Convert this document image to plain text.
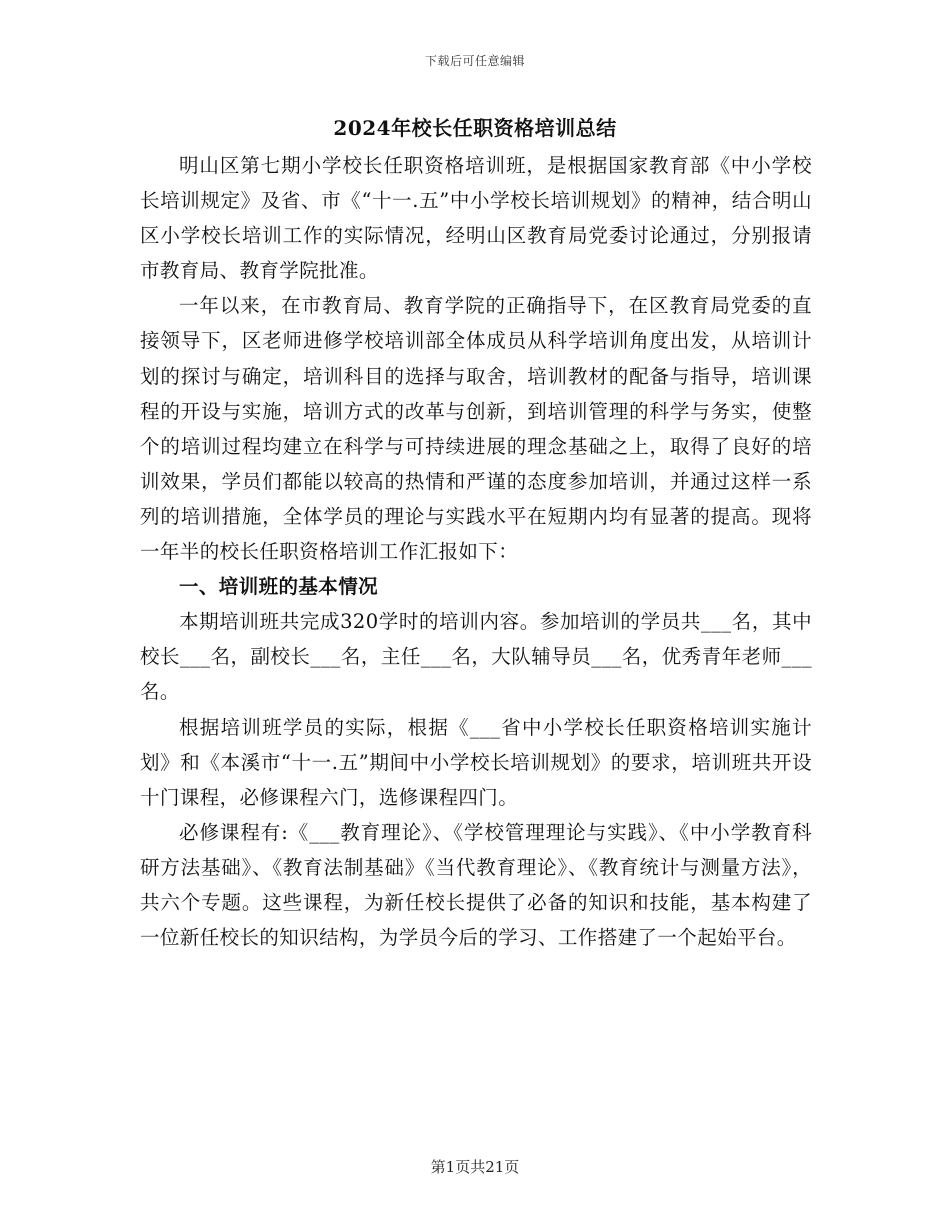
下载后可任意编辑
2024年校长任职资格培训总结

明山区第七期小学校长任职资格培训班，是根据国家教育部《中小学校长培训规定》及省、市《“十一.五”中小学校长培训规划》的精神，结合明山区小学校长培训工作的实际情况，经明山区教育局党委讨论通过，分别报请市教育局、教育学院批准。

一年以来，在市教育局、教育学院的正确指导下，在区教育局党委的直接领导下，区老师进修学校培训部全体成员从科学培训角度出发，从培训计划的探讨与确定，培训科目的选择与取舍，培训教材的配备与指导，培训课程的开设与实施，培训方式的改革与创新，到培训管理的科学与务实，使整个的培训过程均建立在科学与可持续进展的理念基础之上，取得了良好的培训效果，学员们都能以较高的热情和严谨的态度参加培训，并通过这样一系列的培训措施，全体学员的理论与实践水平在短期内均有显著的提高。现将一年半的校长任职资格培训工作汇报如下：

一、培训班的基本情况

本期培训班共完成320学时的培训内容。参加培训的学员共___名，其中校长___名，副校长___名，主任___名，大队辅导员___名，优秀青年老师___名。

根据培训班学员的实际，根据《___省中小学校长任职资格培训实施计划》和《本溪市“十一.五”期间中小学校长培训规划》的要求，培训班共开设十门课程，必修课程六门，选修课程四门。

必修课程有:《___教育理论》、《学校管理理论与实践》、《中小学教育科研方法基础》、《教育法制基础》《当代教育理论》、《教育统计与测量方法》，共六个专题。这些课程，为新任校长提供了必备的知识和技能，基本构建了一位新任校长的知识结构，为学员今后的学习、工作搭建了一个起始平台。

第1页共21页
